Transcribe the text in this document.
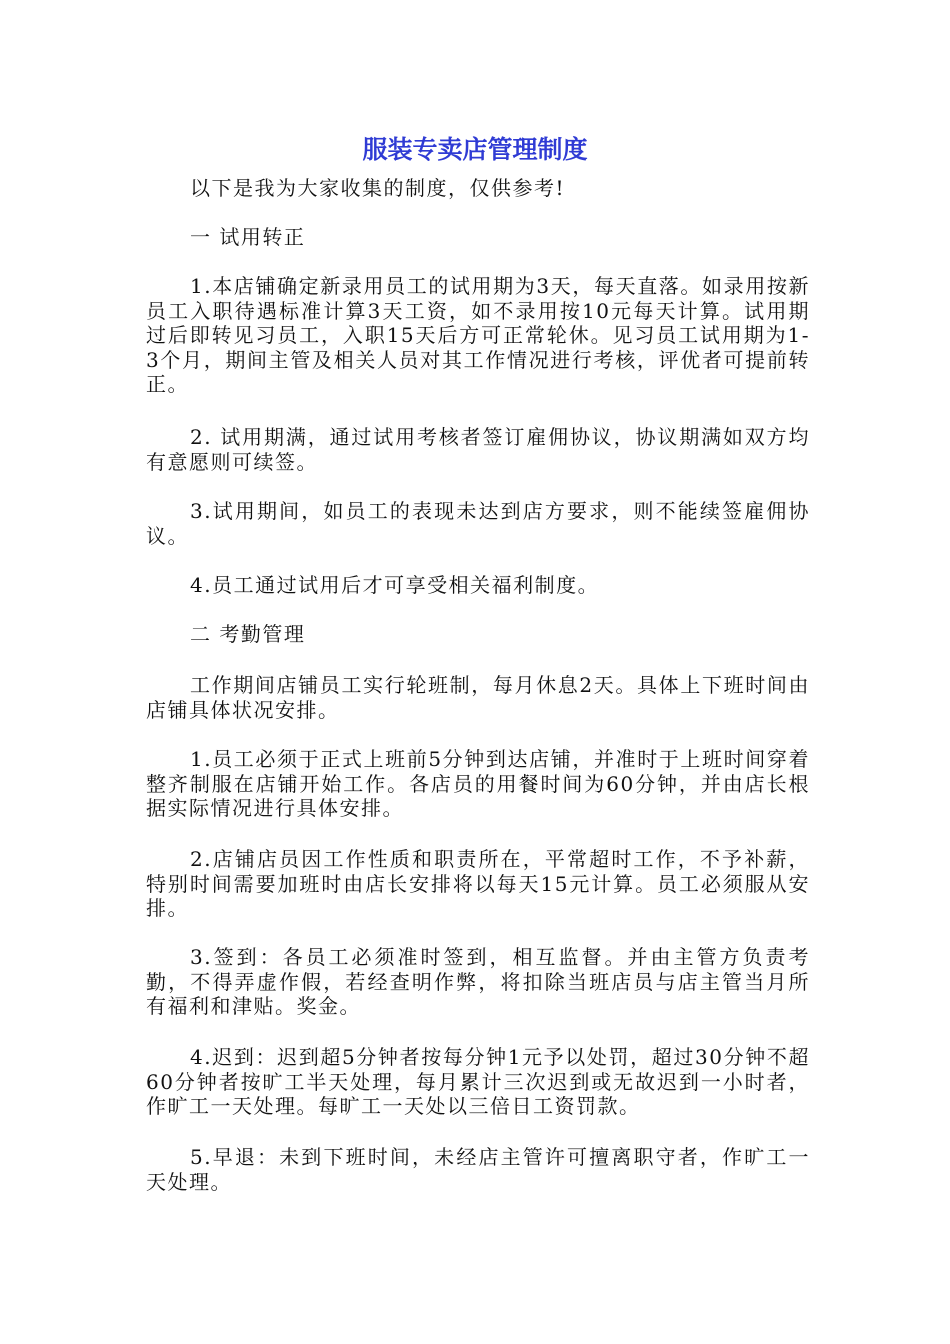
服装专卖店管理制度

以下是我为大家收集的制度，仅供参考!

一 试用转正

1.本店铺确定新录用员工的试用期为3天，每天直落。如录用按新员工入职待遇标准计算3天工资，如不录用按10元每天计算。试用期过后即转见习员工，入职15天后方可正常轮休。见习员工试用期为1-3个月，期间主管及相关人员对其工作情况进行考核，评优者可提前转正。

2. 试用期满，通过试用考核者签订雇佣协议，协议期满如双方均有意愿则可续签。

3.试用期间，如员工的表现未达到店方要求，则不能续签雇佣协议。

4.员工通过试用后才可享受相关福利制度。

二 考勤管理

工作期间店铺员工实行轮班制，每月休息2天。具体上下班时间由店铺具体状况安排。

1.员工必须于正式上班前5分钟到达店铺，并准时于上班时间穿着整齐制服在店铺开始工作。各店员的用餐时间为60分钟，并由店长根据实际情况进行具体安排。

2.店铺店员因工作性质和职责所在，平常超时工作，不予补薪，特别时间需要加班时由店长安排将以每天15元计算。员工必须服从安排。

3.签到：各员工必须准时签到，相互监督。并由主管方负责考勤，不得弄虚作假，若经查明作弊，将扣除当班店员与店主管当月所有福利和津贴。奖金。

4.迟到：迟到超5分钟者按每分钟1元予以处罚，超过30分钟不超60分钟者按旷工半天处理，每月累计三次迟到或无故迟到一小时者，作旷工一天处理。每旷工一天处以三倍日工资罚款。

5.早退：未到下班时间，未经店主管许可擅离职守者，作旷工一天处理。
